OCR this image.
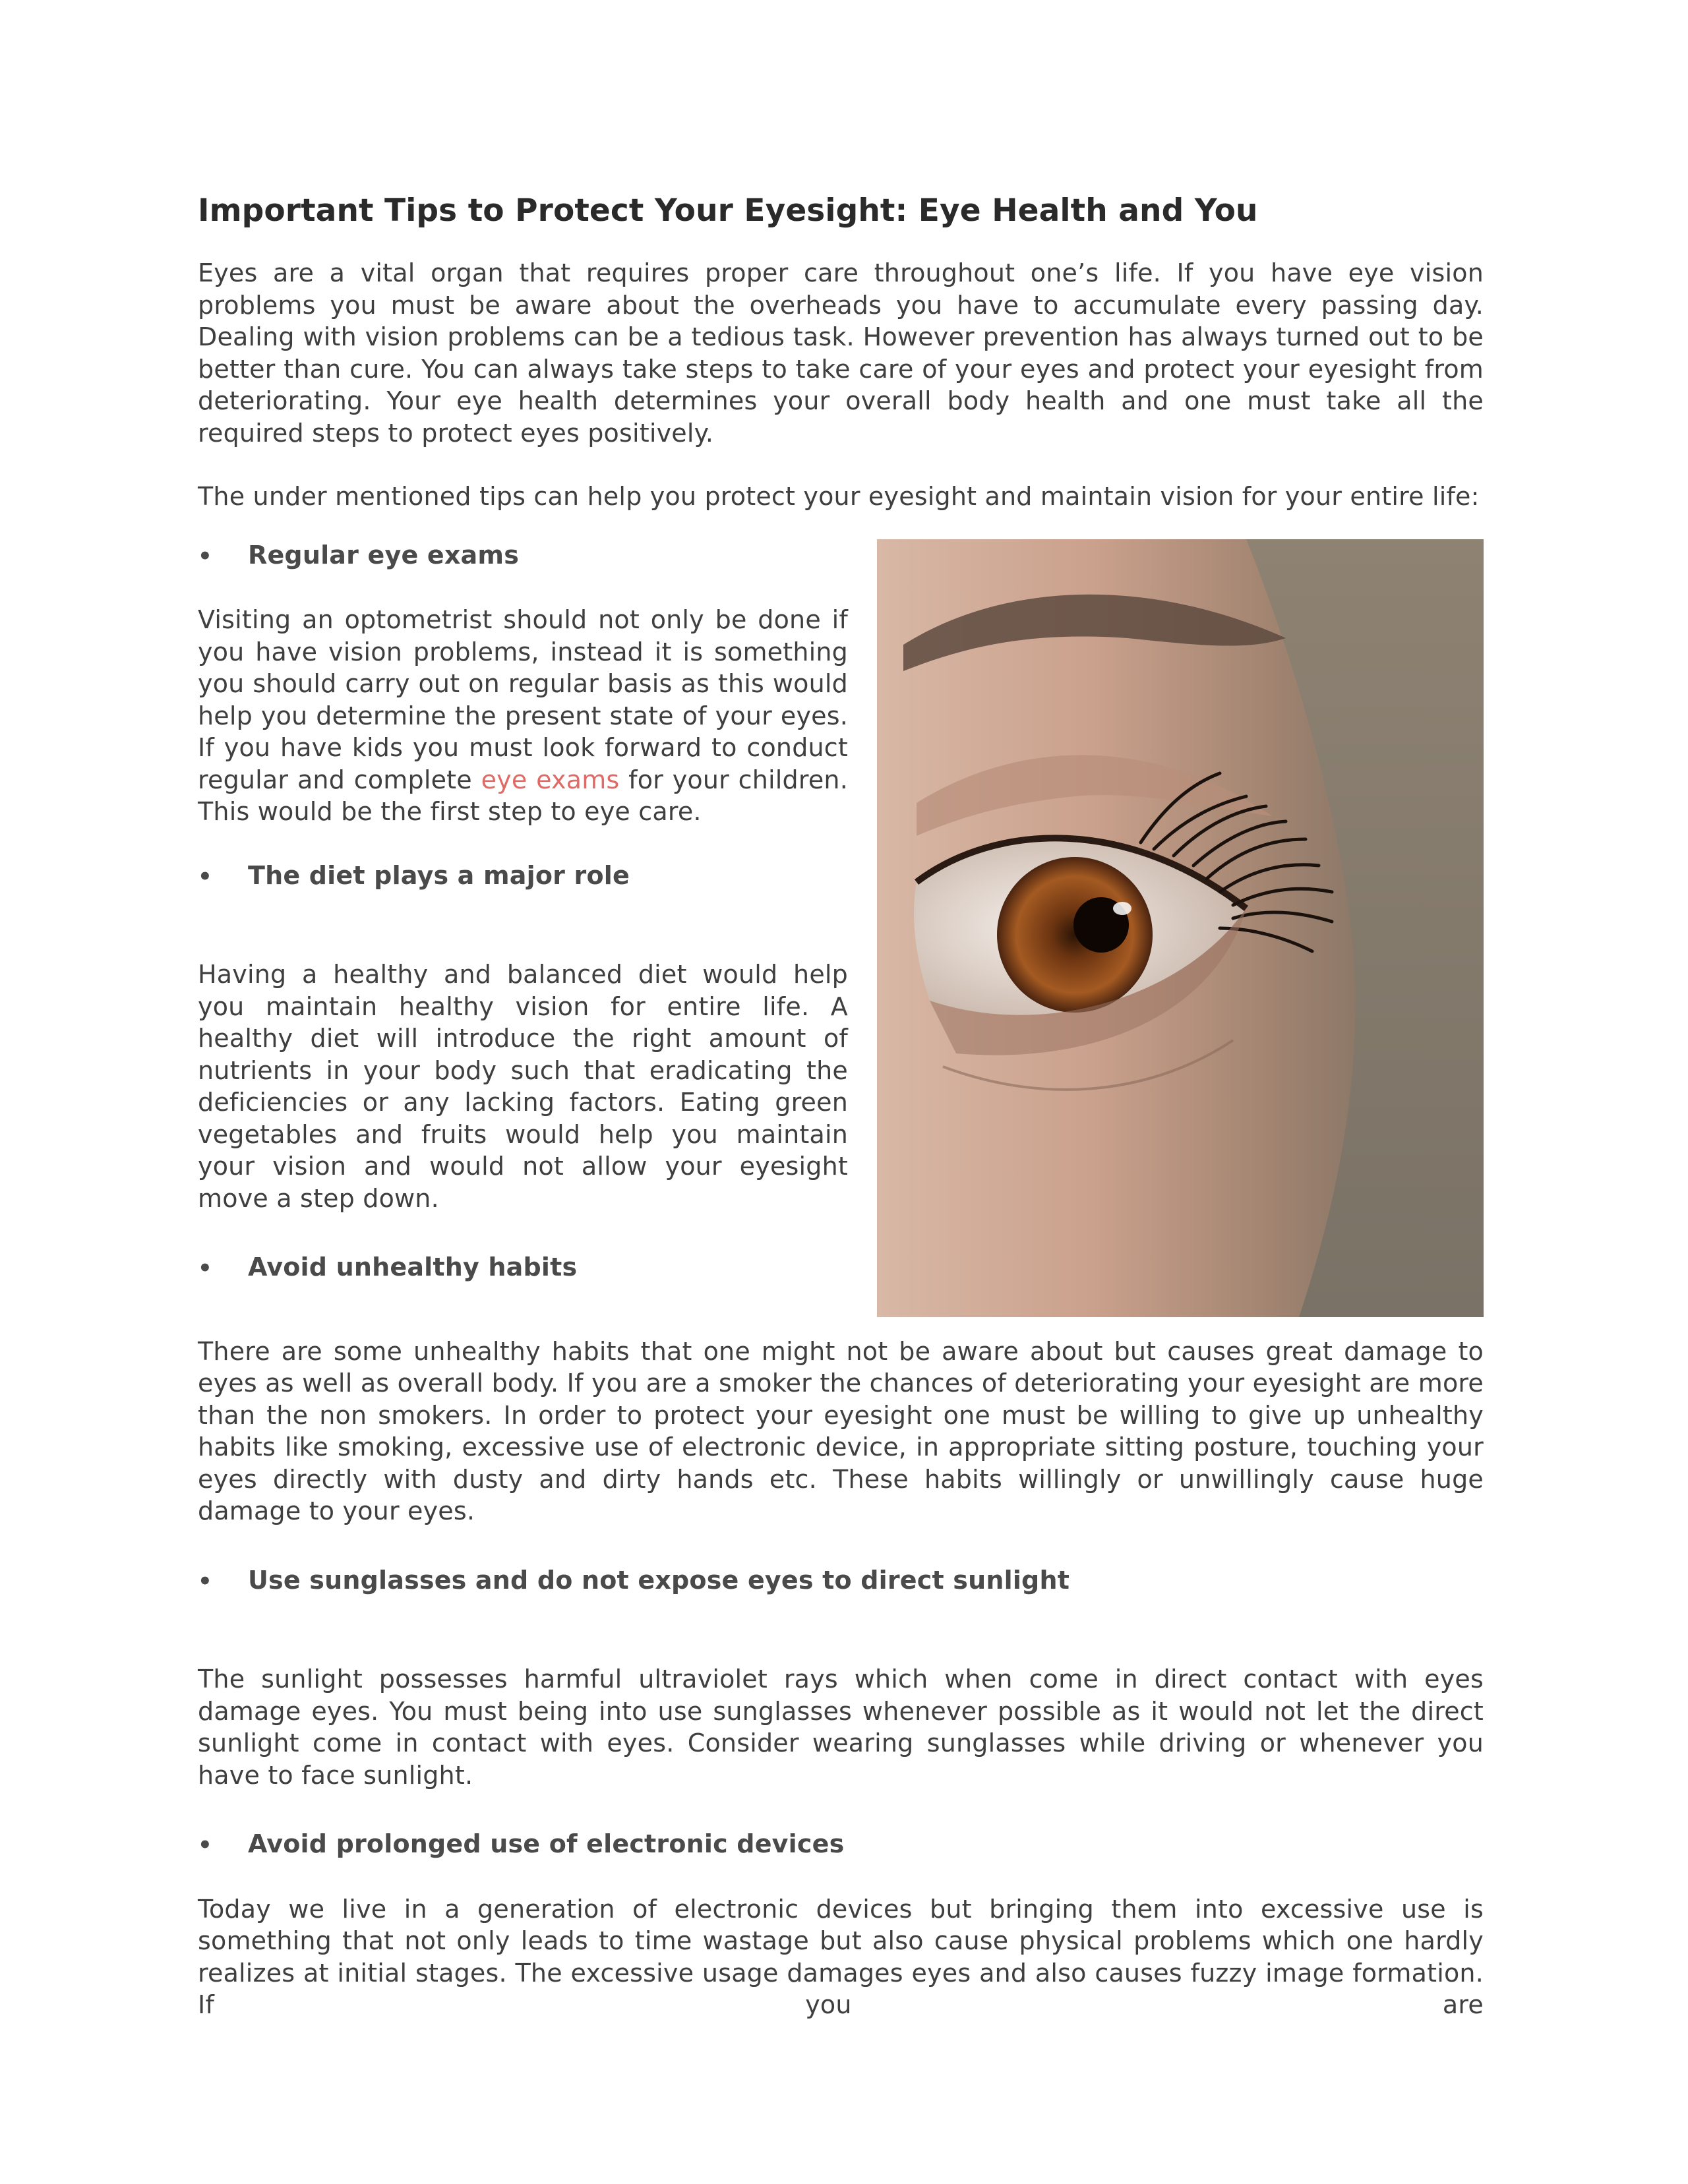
Important Tips to Protect Your Eyesight: Eye Health and You

Eyes are a vital organ that requires proper care throughout one’s life. If you have eye vision problems you must be aware about the overheads you have to accumulate every passing day. Dealing with vision problems can be a tedious task. However prevention has always turned out to be better than cure. You can always take steps to take care of your eyes and protect your eyesight from deteriorating. Your eye health determines your overall body health and one must take all the required steps to protect eyes positively.

The under mentioned tips can help you protect your eyesight and maintain vision for your entire life:

•
Regular eye exams

Visiting an optometrist should not only be done if you have vision problems, instead it is something you should carry out on regular basis as this would help you determine the present state of your eyes. If you have kids you must look forward to conduct regular and complete eye exams for your children. This would be the first step to eye care.

•
The diet plays a major role

Having a healthy and balanced diet would help you maintain healthy vision for entire life. A healthy diet will introduce the right amount of nutrients in your body such that eradicating the deficiencies or any lacking factors. Eating green vegetables and fruits would help you maintain your vision and would not allow your eyesight move a step down.

•
Avoid unhealthy habits

There are some unhealthy habits that one might not be aware about but causes great damage to eyes as well as overall body. If you are a smoker the chances of deteriorating your eyesight are more than the non smokers. In order to protect your eyesight one must be willing to give up unhealthy habits like smoking, excessive use of electronic device, in appropriate sitting posture, touching your eyes directly with dusty and dirty hands etc. These habits willingly or unwillingly cause huge damage to your eyes.

•
Use sunglasses and do not expose eyes to direct sunlight

The sunlight possesses harmful ultraviolet rays which when come in direct contact with eyes damage eyes. You must being into use sunglasses whenever possible as it would not let the direct sunlight come in contact with eyes. Consider wearing sunglasses while driving or whenever you have to face sunlight.

•
Avoid prolonged use of electronic devices

Today we live in a generation of electronic devices but bringing them into excessive use is something that not only leads to time wastage but also cause physical problems which one hardly realizes at initial stages. The excessive usage damages eyes and also causes fuzzy image formation. If you are
